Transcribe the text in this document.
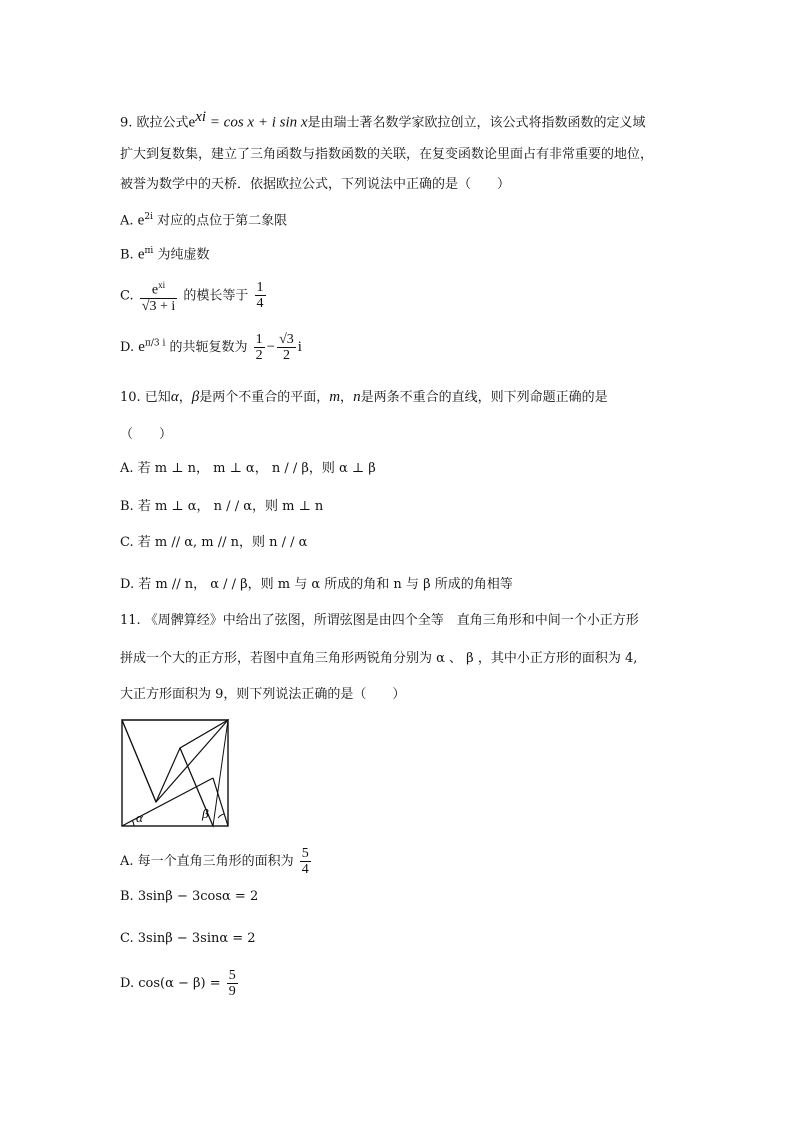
9. 欧拉公式$e^{xi} = \cos x + i$ sin x是由瑞士著名数学家欧拉创立，该公式将指数函数的定义域
扩大到复数集，建立了三角函数与指数函数的关联，在复变函数论里面占有非常重要的地位，
被誉为数学中的天桥．依据欧拉公式，下列说法中正确的是（　　）
A. $e^{2i}$ 对应的点位于第二象限
B. $e^{\pi i}$ 为纯虚数
C.	$e^{xi}$
√3 + i
的模长等于 $\frac{1}{4}$
D. $e^{\pi/3 i}$ 的共轭复数为 $\frac{1}{2} - \frac{√3}{2}$ i
10. 已知α，β是两个不重合的平面，m，n是两条不重合的直线，则下列命题正确的是
（　　）
A. 若 m ⊥ n， m ⊥ α， n / / β，则 α ⊥ β
B. 若 m ⊥ α， n / / α，则 m ⊥ n
C. 若 m // α, m // n，则 n / / α
D. 若 m // n， α / / β，则 m 与 α 所成的角和 n 与 β 所成的角相等
11. 《周髀算经》中给出了弦图，所谓弦图是由四个全等　直角三角形和中间一个小正方形
拼成一个大的正方形，若图中直角三角形两锐角分别为 α 、 β ，其中小正方形的面积为 4,
大正方形面积为 9，则下列说法正确的是（　　）
α	β
A. 每一个直角三角形的面积为 $\frac{5}{4}$
B. 3sinβ − 3cosα = 2
C. 3sinβ − 3sinα = 2
D. $\cos(\alpha - \beta) = \frac{5}{9}$
